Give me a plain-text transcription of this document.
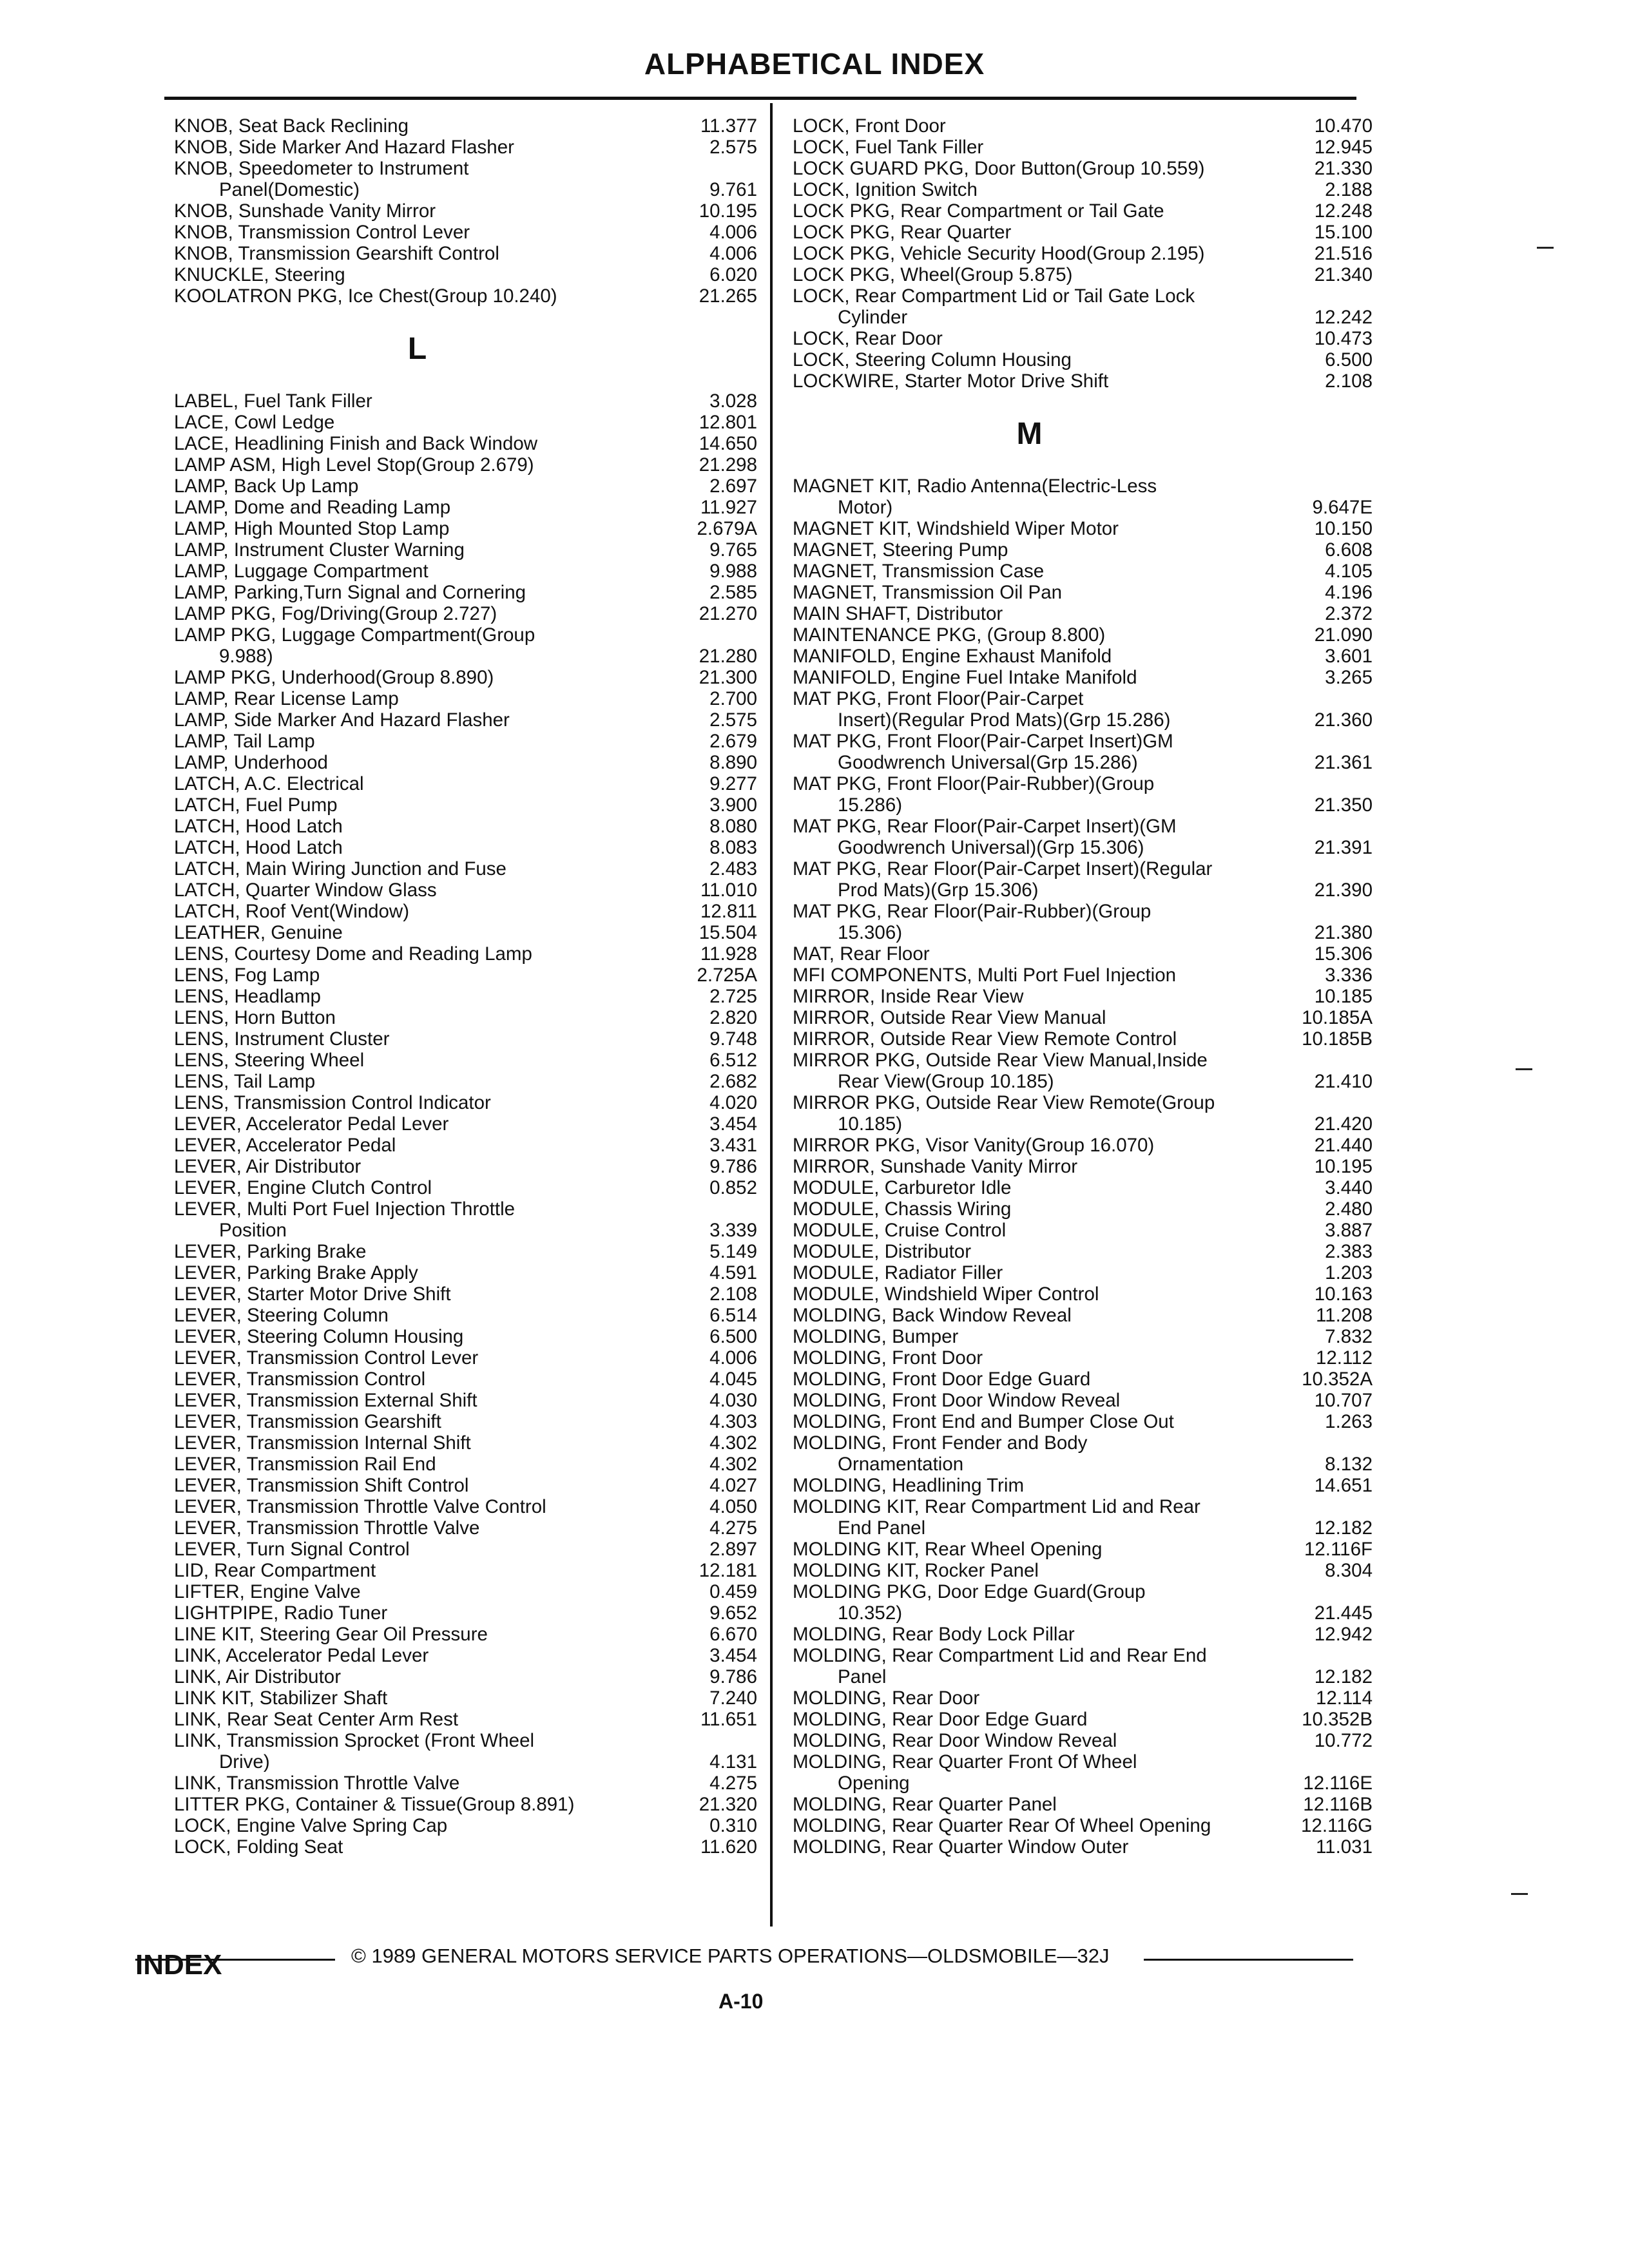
ALPHABETICAL INDEX
KNOB, Seat Back Reclining	11.377
KNOB, Side Marker And Hazard Flasher	2.575
KNOB, Speedometer to Instrument
Panel(Domestic)	9.761
KNOB, Sunshade Vanity Mirror	10.195
KNOB, Transmission Control Lever	4.006
KNOB, Transmission Gearshift Control	4.006
KNUCKLE, Steering	6.020
KOOLATRON PKG, Ice Chest(Group 10.240)	21.265
L
LABEL, Fuel Tank Filler	3.028
LACE, Cowl Ledge	12.801
LACE, Headlining Finish and Back Window	14.650
LAMP ASM, High Level Stop(Group 2.679)	21.298
LAMP, Back Up Lamp	2.697
LAMP, Dome and Reading Lamp	11.927
LAMP, High Mounted Stop Lamp	2.679A
LAMP, Instrument Cluster Warning	9.765
LAMP, Luggage Compartment	9.988
LAMP, Parking,Turn Signal and Cornering	2.585
LAMP PKG, Fog/Driving(Group 2.727)	21.270
LAMP PKG, Luggage Compartment(Group
9.988)	21.280
LAMP PKG, Underhood(Group 8.890)	21.300
LAMP, Rear License Lamp	2.700
LAMP, Side Marker And Hazard Flasher	2.575
LAMP, Tail Lamp	2.679
LAMP, Underhood	8.890
LATCH, A.C. Electrical	9.277
LATCH, Fuel Pump	3.900
LATCH, Hood Latch	8.080
LATCH, Hood Latch	8.083
LATCH, Main Wiring Junction and Fuse	2.483
LATCH, Quarter Window Glass	11.010
LATCH, Roof Vent(Window)	12.811
LEATHER, Genuine	15.504
LENS, Courtesy Dome and Reading Lamp	11.928
LENS, Fog Lamp	2.725A
LENS, Headlamp	2.725
LENS, Horn Button	2.820
LENS, Instrument Cluster	9.748
LENS, Steering Wheel	6.512
LENS, Tail Lamp	2.682
LENS, Transmission Control Indicator	4.020
LEVER, Accelerator Pedal Lever	3.454
LEVER, Accelerator Pedal	3.431
LEVER, Air Distributor	9.786
LEVER, Engine Clutch Control	0.852
LEVER, Multi Port Fuel Injection Throttle
Position	3.339
LEVER, Parking Brake	5.149
LEVER, Parking Brake Apply	4.591
LEVER, Starter Motor Drive Shift	2.108
LEVER, Steering Column	6.514
LEVER, Steering Column Housing	6.500
LEVER, Transmission Control Lever	4.006
LEVER, Transmission Control	4.045
LEVER, Transmission External Shift	4.030
LEVER, Transmission Gearshift	4.303
LEVER, Transmission Internal Shift	4.302
LEVER, Transmission Rail End	4.302
LEVER, Transmission Shift Control	4.027
LEVER, Transmission Throttle Valve Control	4.050
LEVER, Transmission Throttle Valve	4.275
LEVER, Turn Signal Control	2.897
LID, Rear Compartment	12.181
LIFTER, Engine Valve	0.459
LIGHTPIPE, Radio Tuner	9.652
LINE KIT, Steering Gear Oil Pressure	6.670
LINK, Accelerator Pedal Lever	3.454
LINK, Air Distributor	9.786
LINK KIT, Stabilizer Shaft	7.240
LINK, Rear Seat Center Arm Rest	11.651
LINK, Transmission Sprocket (Front Wheel
Drive)	4.131
LINK, Transmission Throttle Valve	4.275
LITTER PKG, Container & Tissue(Group 8.891)	21.320
LOCK, Engine Valve Spring Cap	0.310
LOCK, Folding Seat	11.620
LOCK, Front Door	10.470
LOCK, Fuel Tank Filler	12.945
LOCK GUARD PKG, Door Button(Group 10.559)	21.330
LOCK, Ignition Switch	2.188
LOCK PKG, Rear Compartment or Tail Gate	12.248
LOCK PKG, Rear Quarter	15.100
LOCK PKG, Vehicle Security Hood(Group 2.195)	21.516
LOCK PKG, Wheel(Group 5.875)	21.340
LOCK, Rear Compartment Lid or Tail Gate Lock
Cylinder	12.242
LOCK, Rear Door	10.473
LOCK, Steering Column Housing	6.500
LOCKWIRE, Starter Motor Drive Shift	2.108
M
MAGNET KIT, Radio Antenna(Electric-Less
Motor)	9.647E
MAGNET KIT, Windshield Wiper Motor	10.150
MAGNET, Steering Pump	6.608
MAGNET, Transmission Case	4.105
MAGNET, Transmission Oil Pan	4.196
MAIN SHAFT, Distributor	2.372
MAINTENANCE PKG, (Group 8.800)	21.090
MANIFOLD, Engine Exhaust Manifold	3.601
MANIFOLD, Engine Fuel Intake Manifold	3.265
MAT PKG, Front Floor(Pair-Carpet
Insert)(Regular Prod Mats)(Grp 15.286)	21.360
MAT PKG, Front Floor(Pair-Carpet Insert)GM
Goodwrench Universal(Grp 15.286)	21.361
MAT PKG, Front Floor(Pair-Rubber)(Group
15.286)	21.350
MAT PKG, Rear Floor(Pair-Carpet Insert)(GM
Goodwrench Universal)(Grp 15.306)	21.391
MAT PKG, Rear Floor(Pair-Carpet Insert)(Regular
Prod Mats)(Grp 15.306)	21.390
MAT PKG, Rear Floor(Pair-Rubber)(Group
15.306)	21.380
MAT, Rear Floor	15.306
MFI COMPONENTS, Multi Port Fuel Injection	3.336
MIRROR, Inside Rear View	10.185
MIRROR, Outside Rear View Manual	10.185A
MIRROR, Outside Rear View Remote Control	10.185B
MIRROR PKG, Outside Rear View Manual,Inside
Rear View(Group 10.185)	21.410
MIRROR PKG, Outside Rear View Remote(Group
10.185)	21.420
MIRROR PKG, Visor Vanity(Group 16.070)	21.440
MIRROR, Sunshade Vanity Mirror	10.195
MODULE, Carburetor Idle	3.440
MODULE, Chassis Wiring	2.480
MODULE, Cruise Control	3.887
MODULE, Distributor	2.383
MODULE, Radiator Filler	1.203
MODULE, Windshield Wiper Control	10.163
MOLDING, Back Window Reveal	11.208
MOLDING, Bumper	7.832
MOLDING, Front Door	12.112
MOLDING, Front Door Edge Guard	10.352A
MOLDING, Front Door Window Reveal	10.707
MOLDING, Front End and Bumper Close Out	1.263
MOLDING, Front Fender and Body
Ornamentation	8.132
MOLDING, Headlining Trim	14.651
MOLDING KIT, Rear Compartment Lid and Rear
End Panel	12.182
MOLDING KIT, Rear Wheel Opening	12.116F
MOLDING KIT, Rocker Panel	8.304
MOLDING PKG, Door Edge Guard(Group
10.352)	21.445
MOLDING, Rear Body Lock Pillar	12.942
MOLDING, Rear Compartment Lid and Rear End
Panel	12.182
MOLDING, Rear Door	12.114
MOLDING, Rear Door Edge Guard	10.352B
MOLDING, Rear Door Window Reveal	10.772
MOLDING, Rear Quarter Front Of Wheel
Opening	12.116E
MOLDING, Rear Quarter Panel	12.116B
MOLDING, Rear Quarter Rear Of Wheel Opening	12.116G
MOLDING, Rear Quarter Window Outer	11.031
© 1989 GENERAL MOTORS SERVICE PARTS OPERATIONS—OLDSMOBILE—32J
INDEX
A-10
